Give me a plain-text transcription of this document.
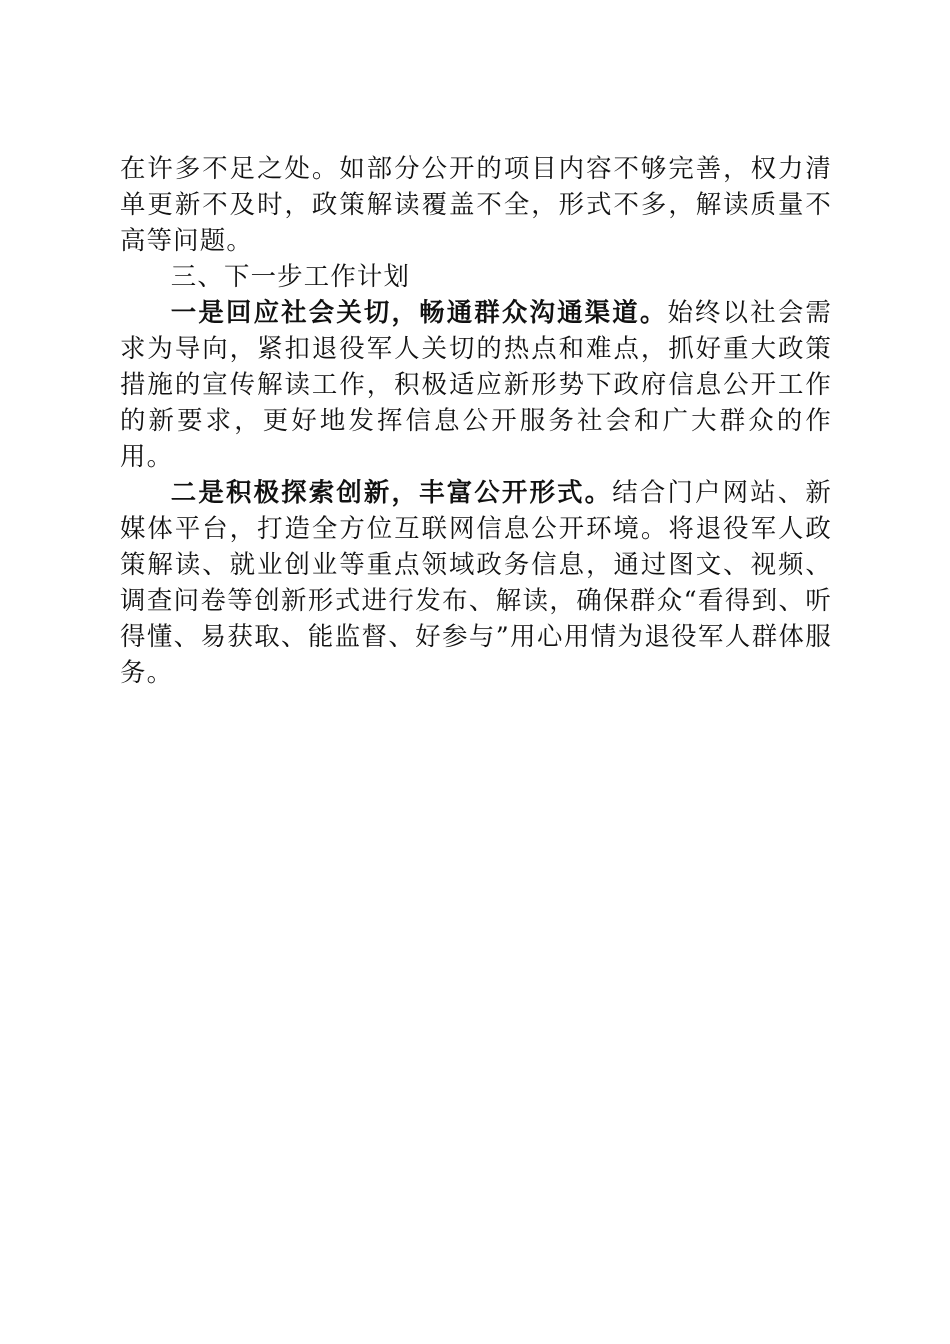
在许多不足之处。如部分公开的项目内容不够完善，权力清单更新不及时，政策解读覆盖不全，形式不多，解读质量不高等问题。

三、下一步工作计划

一是回应社会关切，畅通群众沟通渠道。始终以社会需求为导向，紧扣退役军人关切的热点和难点，抓好重大政策措施的宣传解读工作，积极适应新形势下政府信息公开工作的新要求，更好地发挥信息公开服务社会和广大群众的作用。

二是积极探索创新，丰富公开形式。结合门户网站、新媒体平台，打造全方位互联网信息公开环境。将退役军人政策解读、就业创业等重点领域政务信息，通过图文、视频、调查问卷等创新形式进行发布、解读，确保群众“看得到、听得懂、易获取、能监督、好参与”用心用情为退役军人群体服务。
